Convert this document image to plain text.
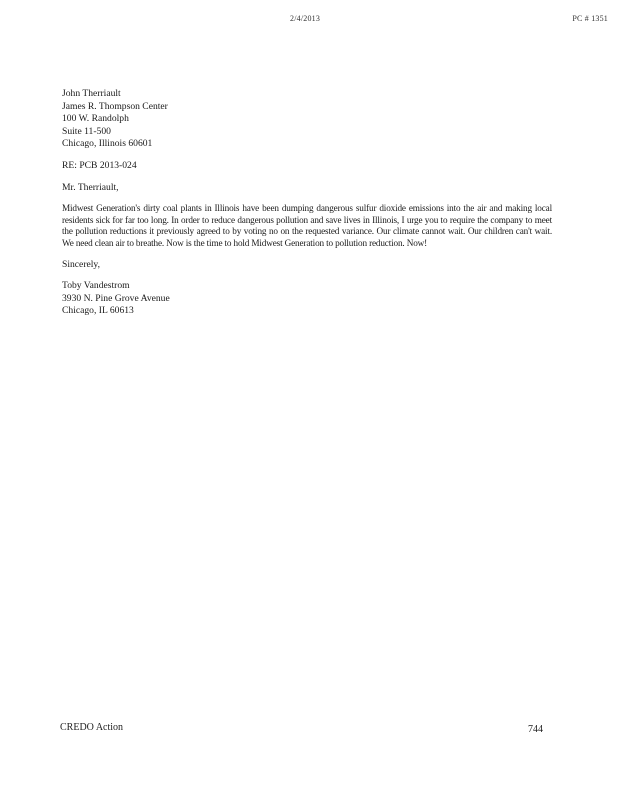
2/4/2013	PC # 1351
John Therriault
James R. Thompson Center
100 W. Randolph
Suite 11-500
Chicago, Illinois 60601
RE: PCB 2013-024
Mr. Therriault,
Midwest Generation's dirty coal plants in Illinois have been dumping dangerous sulfur dioxide emissions into the air and making local residents sick for far too long. In order to reduce dangerous pollution and save lives in Illinois, I urge you to require the company to meet the pollution reductions it previously agreed to by voting no on the requested variance. Our climate cannot wait. Our children can't wait. We need clean air to breathe. Now is the time to hold Midwest Generation to pollution reduction. Now!
Sincerely,
Toby Vandestrom
3930 N. Pine Grove Avenue
Chicago, IL 60613
CREDO Action	744
